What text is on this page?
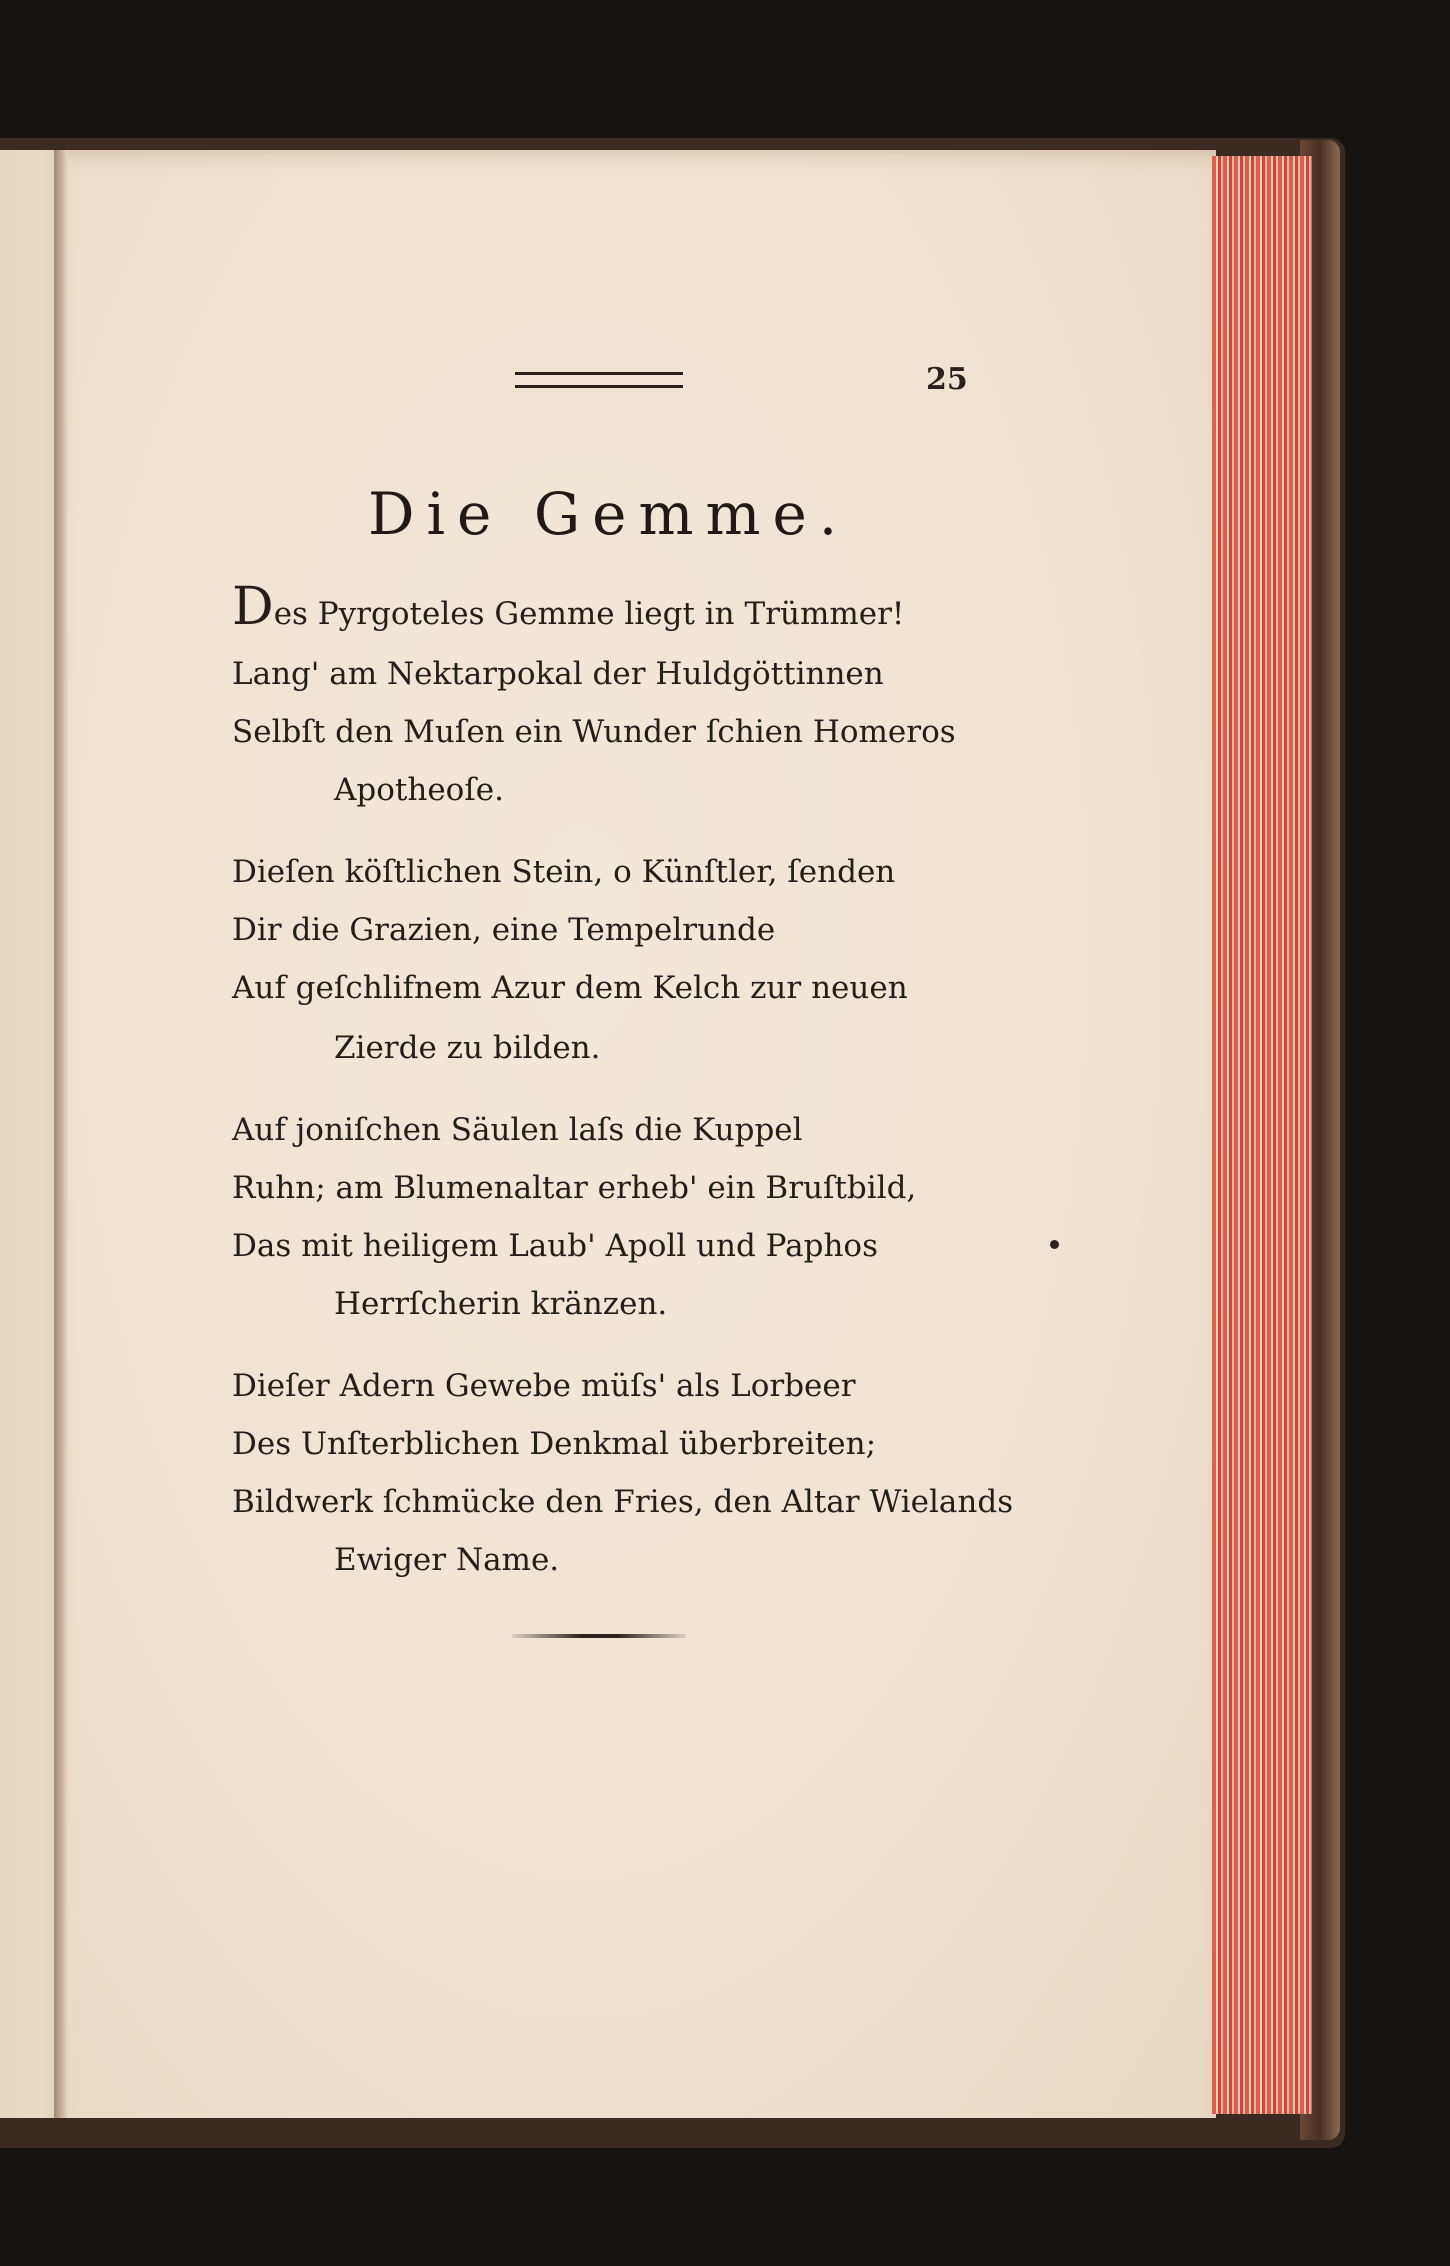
25
Die Gemme.
Des Pyrgoteles Gemme liegt in Trümmer!
Lang' am Nektarpokal der Huldgöttinnen
Selbſt den Muſen ein Wunder ſchien Homeros
Apotheoſe.
Dieſen köſtlichen Stein, o Künſtler, ſenden
Dir die Grazien, eine Tempelrunde
Auf geſchlifnem Azur dem Kelch zur neuen
Zierde zu bilden.
Auf joniſchen Säulen laſs die Kuppel
Ruhn; am Blumenaltar erheb' ein Bruſtbild,
Das mit heiligem Laub' Apoll und Paphos
Herrſcherin kränzen.
Dieſer Adern Gewebe müſs' als Lorbeer
Des Unſterblichen Denkmal überbreiten;
Bildwerk ſchmücke den Fries, den Altar Wielands
Ewiger Name.
